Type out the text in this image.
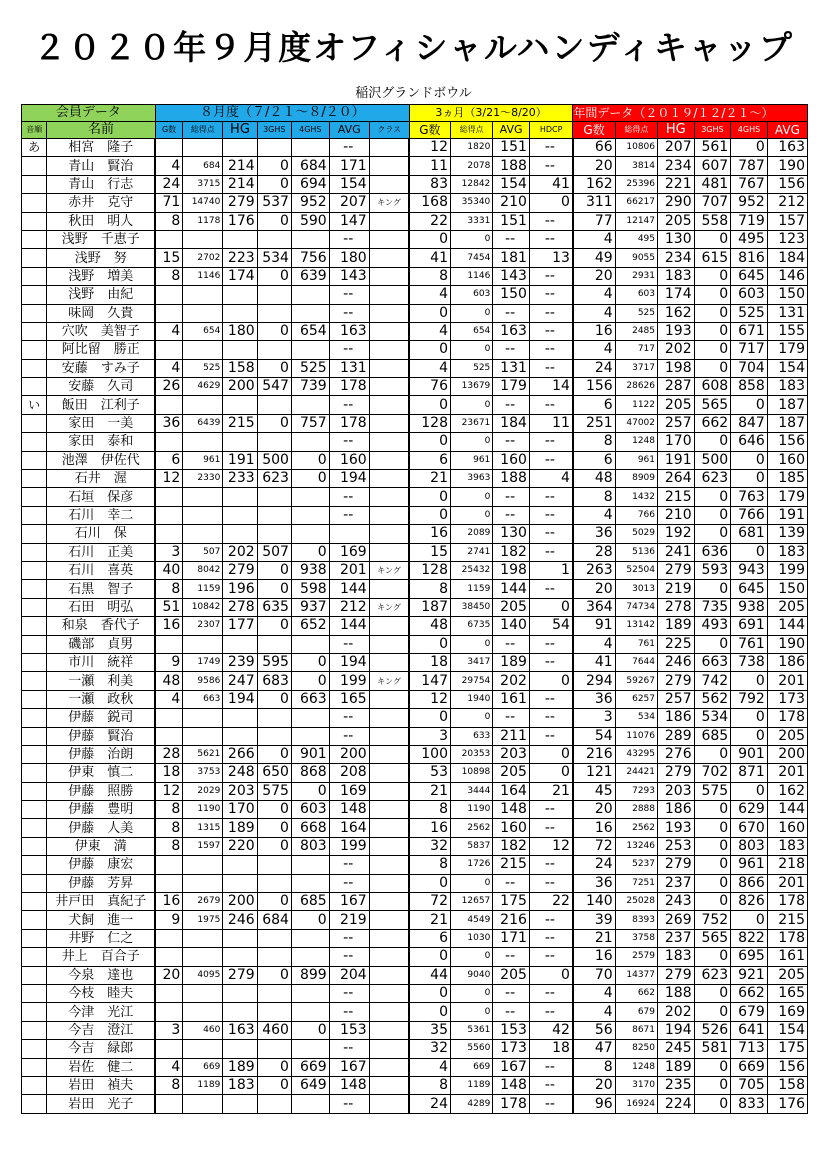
２０２０年９月度オフィシャルハンディキャップ
稲沢グランドボウル
会員データ		８月度（７/２１～８/２０）							3ヵ月（3/21～8/20）				年間データ（２０１９/１２/２１～）					
音順	名前	G数	総得点	HG	3GHS	4GHS	AVG	クラス	G数	総得点	AVG	HDCP	G数	総得点	HG	3GHS	4GHS	AVG
あ	相宮　隆子						--		12	1820	151	--	66	10806	207	561	0	163
	青山　賢治	4	684	214	0	684	171		11	2078	188	--	20	3814	234	607	787	190
	青山　行志	24	3715	214	0	694	154		83	12842	154	41	162	25396	221	481	767	156
	赤井　克守	71	14740	279	537	952	207	キング	168	35340	210	0	311	66217	290	707	952	212
	秋田　明人	8	1178	176	0	590	147		22	3331	151	--	77	12147	205	558	719	157
	浅野　千恵子						--		0	0	--	--	4	495	130	0	495	123
	浅野　努	15	2702	223	534	756	180		41	7454	181	13	49	9055	234	615	816	184
	浅野　増美	8	1146	174	0	639	143		8	1146	143	--	20	2931	183	0	645	146
	浅野　由紀						--		4	603	150	--	4	603	174	0	603	150
	味岡　久貴						--		0	0	--	--	4	525	162	0	525	131
	穴吹　美智子	4	654	180	0	654	163		4	654	163	--	16	2485	193	0	671	155
	阿比留　勝正						--		0	0	--	--	4	717	202	0	717	179
	安藤　すみ子	4	525	158	0	525	131		4	525	131	--	24	3717	198	0	704	154
	安藤　久司	26	4629	200	547	739	178		76	13679	179	14	156	28626	287	608	858	183
い	飯田　江利子						--		0	0	--	--	6	1122	205	565	0	187
	家田　一美	36	6439	215	0	757	178		128	23671	184	11	251	47002	257	662	847	187
	家田　泰和						--		0	0	--	--	8	1248	170	0	646	156
	池澤　伊佐代	6	961	191	500	0	160		6	961	160	--	6	961	191	500	0	160
	石井　渥	12	2330	233	623	0	194		21	3963	188	4	48	8909	264	623	0	185
	石垣　保彦						--		0	0	--	--	8	1432	215	0	763	179
	石川　幸二						--		0	0	--	--	4	766	210	0	766	191
	石川　保								16	2089	130	--	36	5029	192	0	681	139
	石川　正美	3	507	202	507	0	169		15	2741	182	--	28	5136	241	636	0	183
	石川　喜英	40	8042	279	0	938	201	キング	128	25432	198	1	263	52504	279	593	943	199
	石黒　智子	8	1159	196	0	598	144		8	1159	144	--	20	3013	219	0	645	150
	石田　明弘	51	10842	278	635	937	212	キング	187	38450	205	0	364	74734	278	735	938	205
	和泉　香代子	16	2307	177	0	652	144		48	6735	140	54	91	13142	189	493	691	144
	磯部　貞男						--		0	0	--	--	4	761	225	0	761	190
	市川　統祥	9	1749	239	595	0	194		18	3417	189	--	41	7644	246	663	738	186
	一瀬　利美	48	9586	247	683	0	199	キング	147	29754	202	0	294	59267	279	742	0	201
	一瀬　政秋	4	663	194	0	663	165		12	1940	161	--	36	6257	257	562	792	173
	伊藤　鋭司						--		0	0	--	--	3	534	186	534	0	178
	伊藤　賢治						--		3	633	211	--	54	11076	289	685	0	205
	伊藤　治朗	28	5621	266	0	901	200		100	20353	203	0	216	43295	276	0	901	200
	伊東　慎二	18	3753	248	650	868	208		53	10898	205	0	121	24421	279	702	871	201
	伊藤　照勝	12	2029	203	575	0	169		21	3444	164	21	45	7293	203	575	0	162
	伊藤　豊明	8	1190	170	0	603	148		8	1190	148	--	20	2888	186	0	629	144
	伊藤　人美	8	1315	189	0	668	164		16	2562	160	--	16	2562	193	0	670	160
	伊東　満	8	1597	220	0	803	199		32	5837	182	12	72	13246	253	0	803	183
	伊藤　康宏						--		8	1726	215	--	24	5237	279	0	961	218
	伊藤　芳昇						--		0	0	--	--	36	7251	237	0	866	201
	井戸田　真紀子	16	2679	200	0	685	167		72	12657	175	22	140	25028	243	0	826	178
	犬飼　進一	9	1975	246	684	0	219		21	4549	216	--	39	8393	269	752	0	215
	井野　仁之						--		6	1030	171	--	21	3758	237	565	822	178
	井上　百合子						--		0	0	--	--	16	2579	183	0	695	161
	今泉　達也	20	4095	279	0	899	204		44	9040	205	0	70	14377	279	623	921	205
	今枝　睦夫						--		0	0	--	--	4	662	188	0	662	165
	今津　光江						--		0	0	--	--	4	679	202	0	679	169
	今吉　澄江	3	460	163	460	0	153		35	5361	153	42	56	8671	194	526	641	154
	今吉　緑郎						--		32	5560	173	18	47	8250	245	581	713	175
	岩佐　健二	4	669	189	0	669	167		4	669	167	--	8	1248	189	0	669	156
	岩田　禎夫	8	1189	183	0	649	148		8	1189	148	--	20	3170	235	0	705	158
	岩田　光子						--		24	4289	178	--	96	16924	224	0	833	176
